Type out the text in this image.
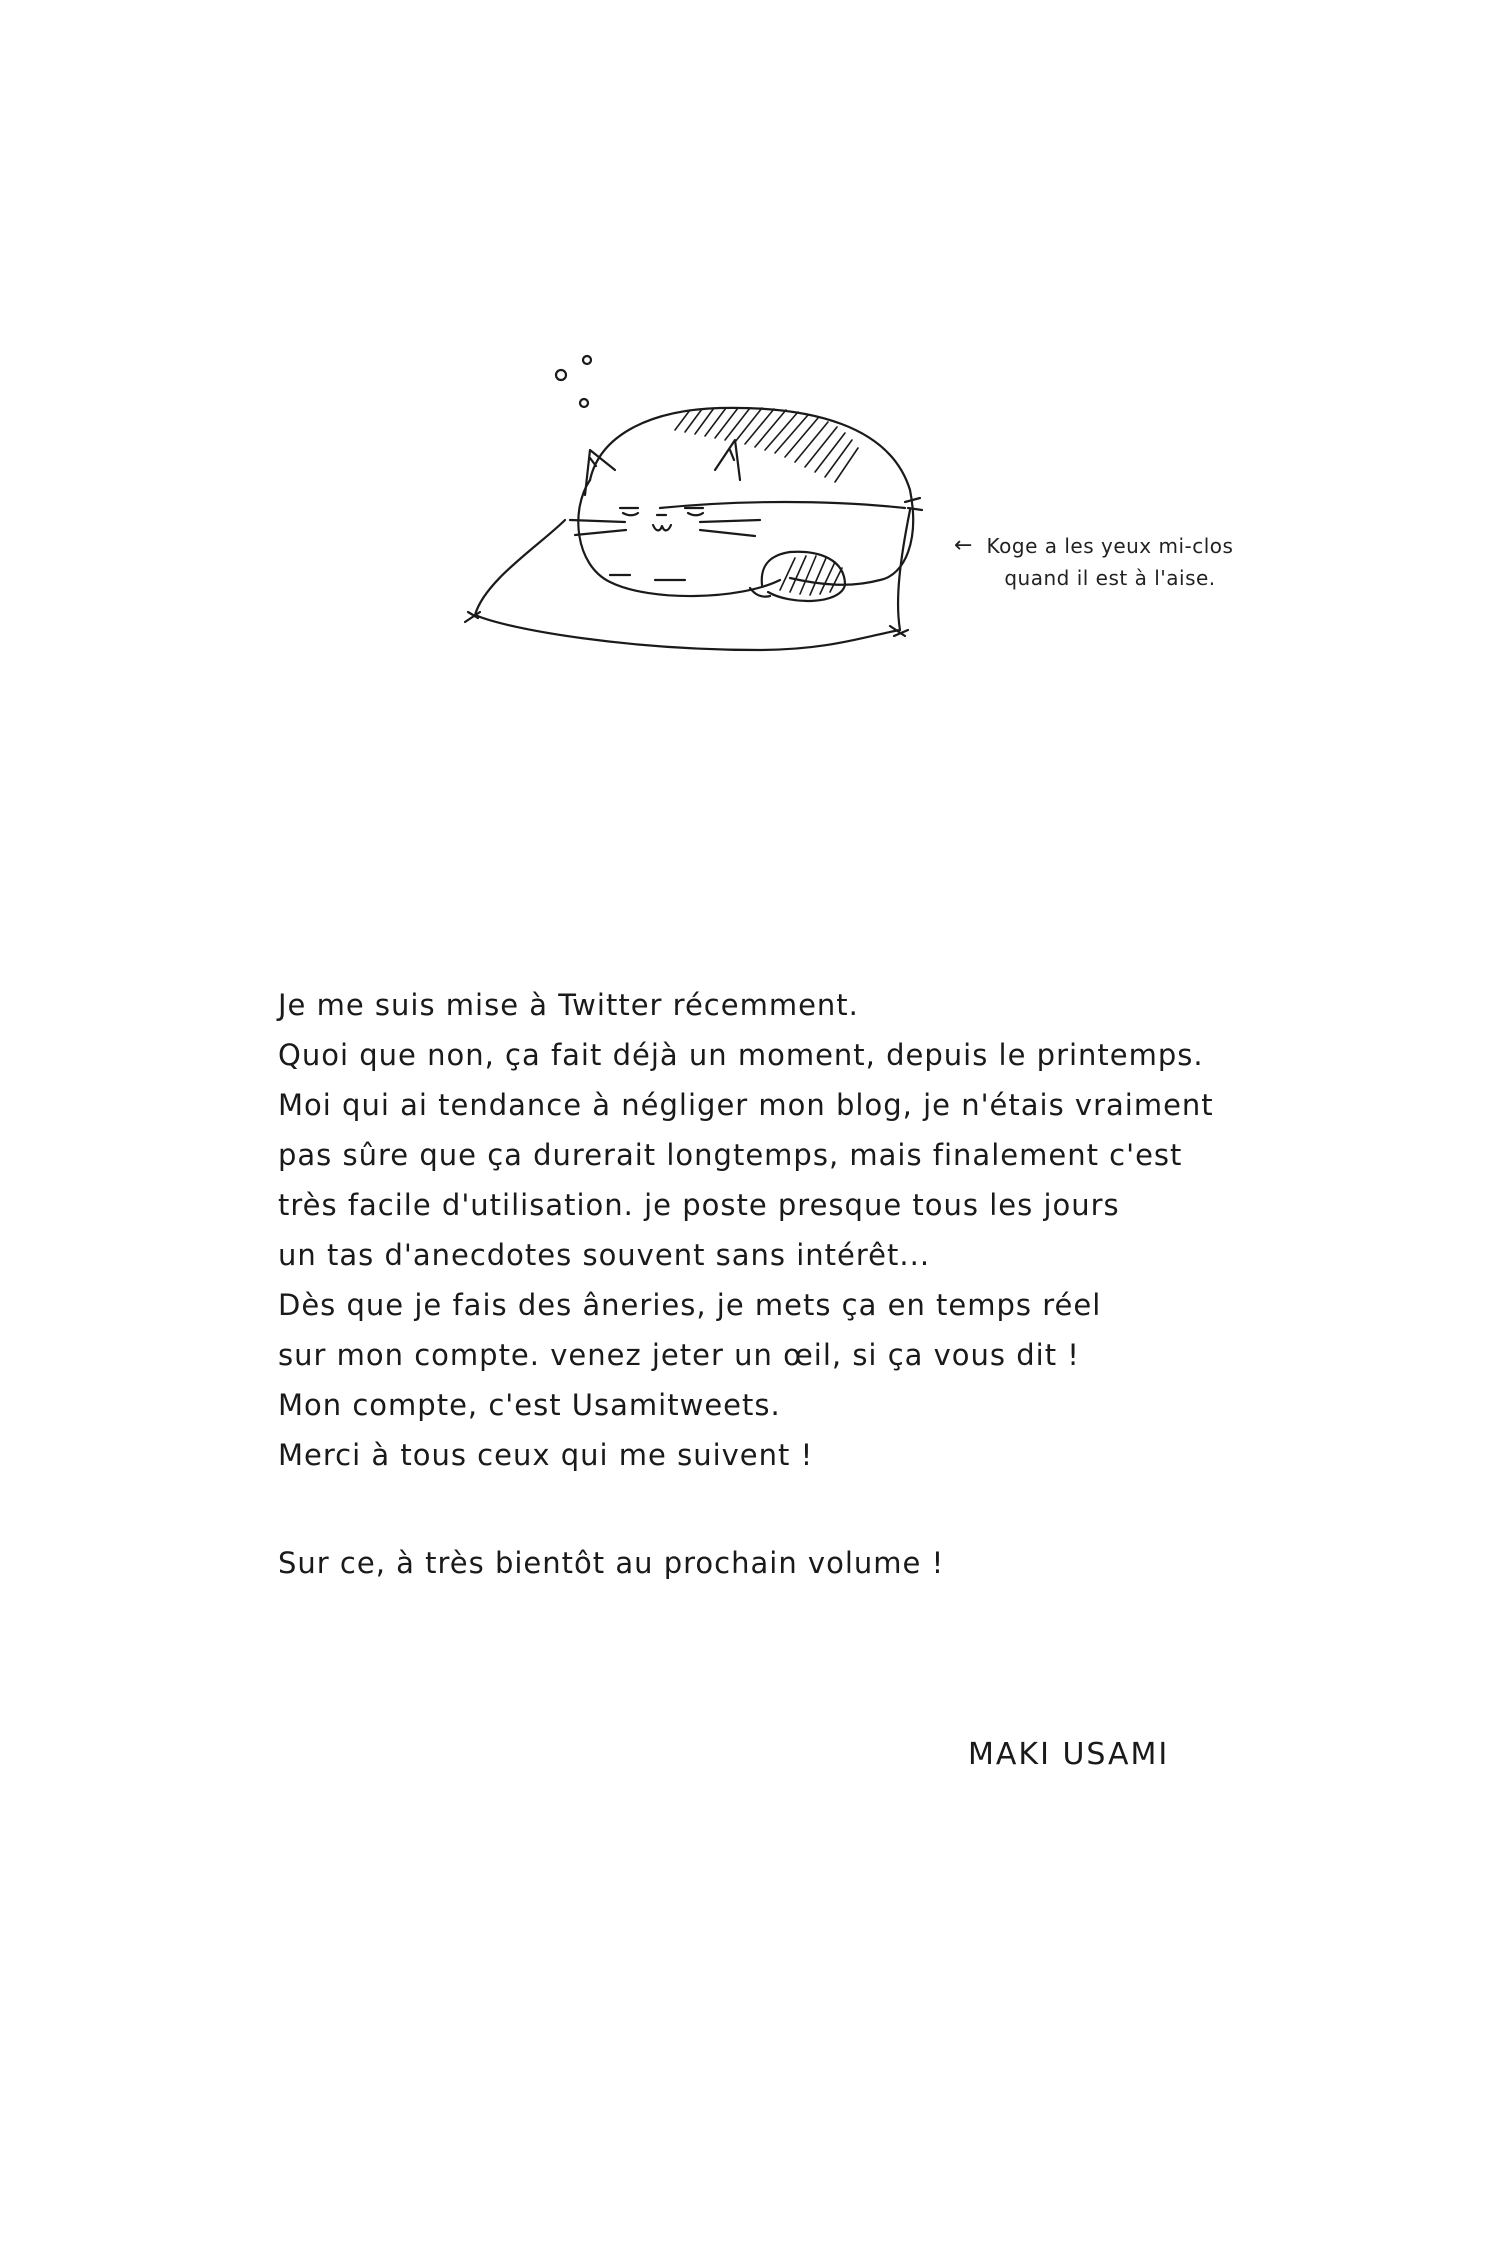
← Koge a les yeux mi-clos
quand il est à l'aise.
Je me suis mise à Twitter récemment.
Quoi que non, ça fait déjà un moment, depuis le printemps.
Moi qui ai tendance à négliger mon blog, je n'étais vraiment
pas sûre que ça durerait longtemps, mais finalement c'est
très facile d'utilisation. je poste presque tous les jours
un tas d'anecdotes souvent sans intérêt...
Dès que je fais des âneries, je mets ça en temps réel
sur mon compte. venez jeter un œil, si ça vous dit !
Mon compte, c'est Usamitweets.
Merci à tous ceux qui me suivent !
Sur ce, à très bientôt au prochain volume !
MAKI USAMI
